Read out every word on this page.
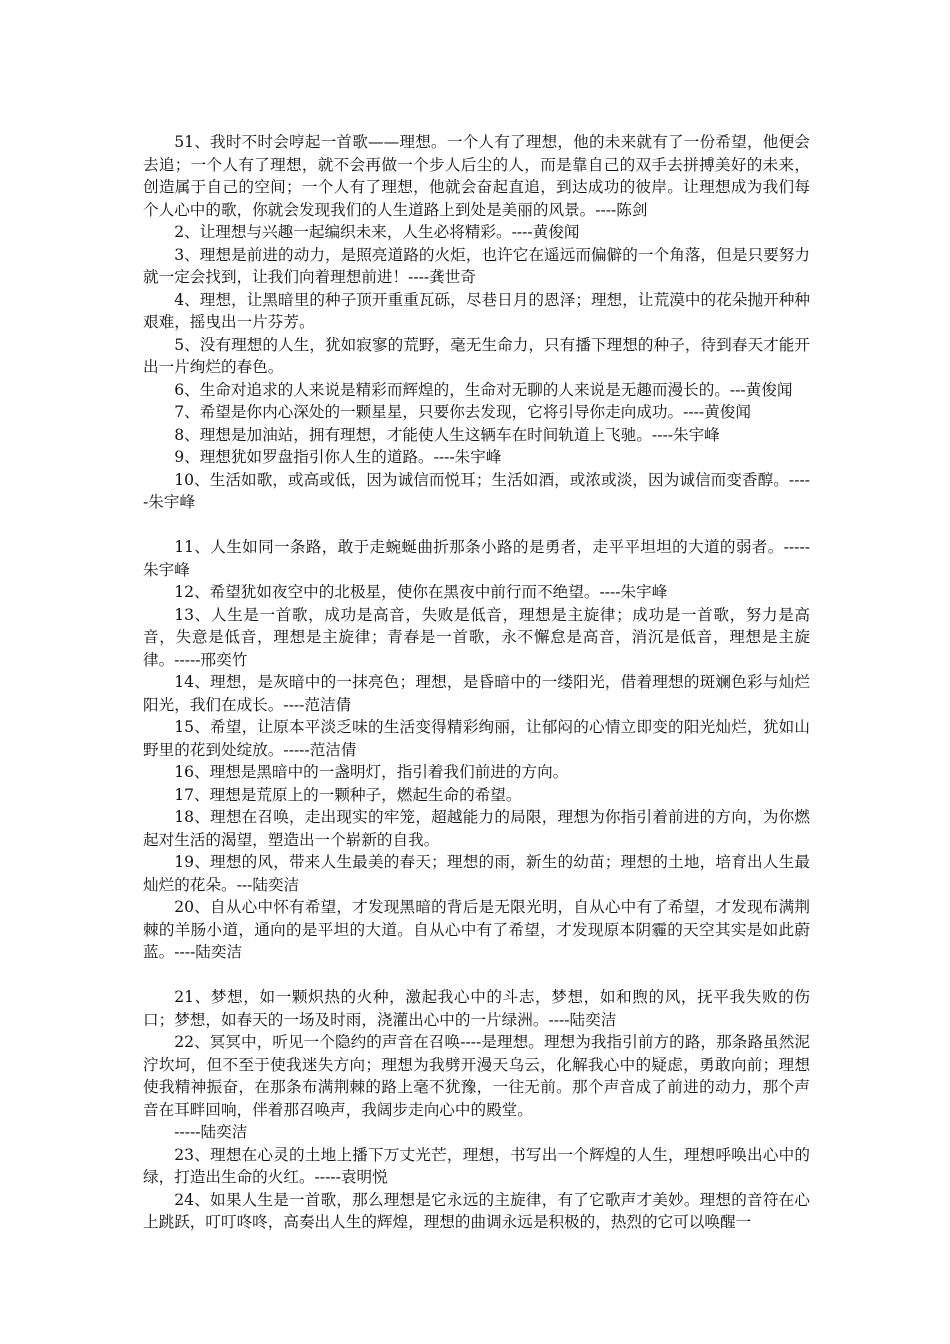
51、我时不时会哼起一首歌——理想。一个人有了理想，他的未来就有了一份希望，他便会去追；一个人有了理想，就不会再做一个步人后尘的人，而是靠自己的双手去拼搏美好的未来，创造属于自己的空间；一个人有了理想，他就会奋起直追，到达成功的彼岸。让理想成为我们每个人心中的歌，你就会发现我们的人生道路上到处是美丽的风景。----陈剑

2、让理想与兴趣一起编织未来，人生必将精彩。----黄俊闻

3、理想是前进的动力，是照亮道路的火炬，也许它在遥远而偏僻的一个角落，但是只要努力就一定会找到，让我们向着理想前进！----龚世奇

4、理想，让黑暗里的种子顶开重重瓦砾，尽巷日月的恩泽；理想，让荒漠中的花朵抛开种种艰难，摇曳出一片芬芳。

5、没有理想的人生，犹如寂寥的荒野，毫无生命力，只有播下理想的种子，待到春天才能开出一片绚烂的春色。

6、生命对追求的人来说是精彩而辉煌的，生命对无聊的人来说是无趣而漫长的。---黄俊闻

7、希望是你内心深处的一颗星星，只要你去发现，它将引导你走向成功。----黄俊闻

8、理想是加油站，拥有理想，才能使人生这辆车在时间轨道上飞驰。----朱宇峰

9、理想犹如罗盘指引你人生的道路。----朱宇峰

10、生活如歌，或高或低，因为诚信而悦耳；生活如酒，或浓或淡，因为诚信而变香醇。-----朱宇峰

11、人生如同一条路，敢于走蜿蜒曲折那条小路的是勇者，走平平坦坦的大道的弱者。-----朱宇峰

12、希望犹如夜空中的北极星，使你在黑夜中前行而不绝望。----朱宇峰

13、人生是一首歌，成功是高音，失败是低音，理想是主旋律；成功是一首歌，努力是高音，失意是低音，理想是主旋律；青春是一首歌，永不懈怠是高音，消沉是低音，理想是主旋律。-----邢奕竹

14、理想，是灰暗中的一抹亮色；理想，是昏暗中的一缕阳光，借着理想的斑斓色彩与灿烂阳光，我们在成长。----范洁倩

15、希望，让原本平淡乏味的生活变得精彩绚丽，让郁闷的心情立即变的阳光灿烂，犹如山野里的花到处绽放。-----范洁倩

16、理想是黑暗中的一盏明灯，指引着我们前进的方向。

17、理想是荒原上的一颗种子，燃起生命的希望。

18、理想在召唤，走出现实的牢笼，超越能力的局限，理想为你指引着前进的方向，为你燃起对生活的渴望，塑造出一个崭新的自我。

19、理想的风，带来人生最美的春天；理想的雨，新生的幼苗；理想的土地，培育出人生最灿烂的花朵。---陆奕洁

20、自从心中怀有希望，才发现黑暗的背后是无限光明，自从心中有了希望，才发现布满荆棘的羊肠小道，通向的是平坦的大道。自从心中有了希望，才发现原本阴霾的天空其实是如此蔚蓝。----陆奕洁

21、梦想，如一颗炽热的火种，激起我心中的斗志，梦想，如和煦的风，抚平我失败的伤口；梦想，如春天的一场及时雨，浇灌出心中的一片绿洲。----陆奕洁

22、冥冥中，听见一个隐约的声音在召唤----是理想。理想为我指引前方的路，那条路虽然泥泞坎坷，但不至于使我迷失方向；理想为我劈开漫天乌云，化解我心中的疑虑，勇敢向前；理想使我精神振奋，在那条布满荆棘的路上毫不犹豫，一往无前。那个声音成了前进的动力，那个声音在耳畔回响，伴着那召唤声，我阔步走向心中的殿堂。

-----陆奕洁

23、理想在心灵的土地上播下万丈光芒，理想，书写出一个辉煌的人生，理想呼唤出心中的绿，打造出生命的火红。-----袁明悦

24、如果人生是一首歌，那么理想是它永远的主旋律，有了它歌声才美妙。理想的音符在心上跳跃，叮叮咚咚，高奏出人生的辉煌，理想的曲调永远是积极的，热烈的它可以唤醒一
